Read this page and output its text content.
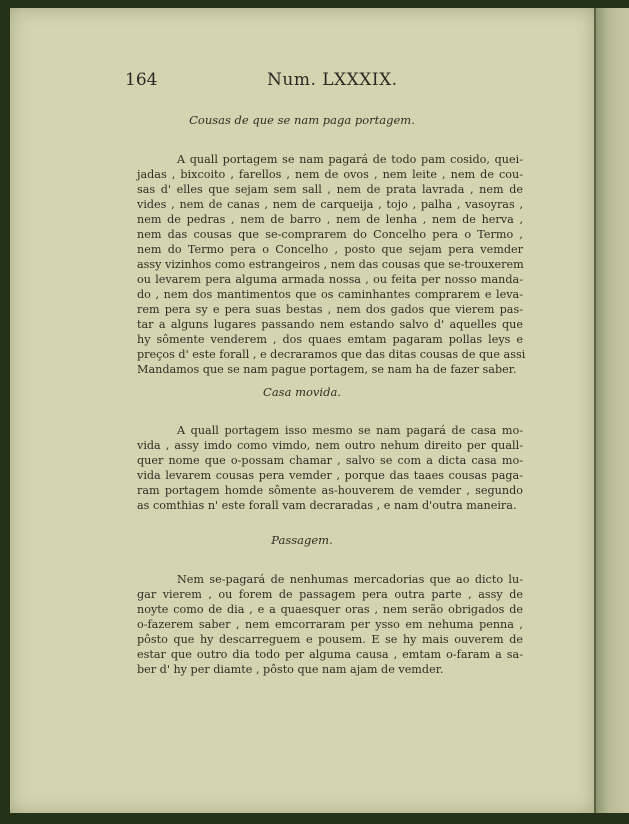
164	Num. LXXXIX.
Cousas de que se nam paga portagem.
A quall portagem se nam pagará de todo pam cosido, quei-
jadas , bixcoito , farellos , nem de ovos , nem leite , nem de cou-
sas d' elles que sejam sem sall , nem de prata lavrada , nem de
vides , nem de canas , nem de carqueija , tojo , palha , vasoyras ,
nem de pedras , nem de barro , nem de lenha , nem de herva ,
nem das cousas que se-comprarem do Concelho pera o Termo ,
nem do Termo pera o Concelho , posto que sejam pera vemder
assy vizinhos como estrangeiros , nem das cousas que se-trouxerem
ou levarem pera alguma armada nossa , ou feita per nosso manda-
do , nem dos mantimentos que os caminhantes comprarem e leva-
rem pera sy e pera suas bestas , nem dos gados que vierem pas-
tar a alguns lugares passando nem estando salvo d' aquelles que
hy sômente venderem , dos quaes emtam pagaram pollas leys e
preços d' este forall , e decraramos que das ditas cousas de que assi
Mandamos que se nam pague portagem, se nam ha de fazer saber.
Casa movida.
A quall portagem isso mesmo se nam pagará de casa mo-
vida , assy imdo como vimdo, nem outro nehum direito per quall-
quer nome que o-possam chamar , salvo se com a dicta casa mo-
vida levarem cousas pera vemder , porque das taaes cousas paga-
ram portagem homde sômente as-houverem de vemder , segundo
as comthias n' este forall vam decraradas , e nam d'outra maneira.
Passagem.
Nem se-pagará de nenhumas mercadorias que ao dicto lu-
gar vierem , ou forem de passagem pera outra parte , assy de
noyte como de dia , e a quaesquer oras , nem serão obrigados de
o-fazerem saber , nem emcorraram per ysso em nehuma penna ,
pôsto que hy descarreguem e pousem. E se hy mais ouverem de
estar que outro dia todo per alguma causa , emtam o-faram a sa-
ber d' hy per diamte , pôsto que nam ajam de vemder.
